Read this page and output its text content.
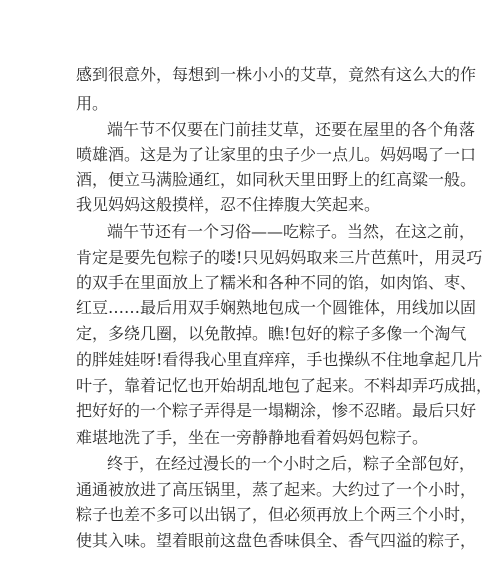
感到很意外，每想到一株小小的艾草，竟然有这么大的作
用。
端午节不仅要在门前挂艾草，还要在屋里的各个角落
喷雄酒。这是为了让家里的虫子少一点儿。妈妈喝了一口
酒，便立马满脸通红，如同秋天里田野上的红高粱一般。
我见妈妈这般摸样，忍不住捧腹大笑起来。
端午节还有一个习俗——吃粽子。当然，在这之前，
肯定是要先包粽子的喽!只见妈妈取来三片芭蕉叶，用灵巧
的双手在里面放上了糯米和各种不同的馅，如肉馅、枣、
红豆……最后用双手娴熟地包成一个圆锥体，用线加以固
定，多绕几圈，以免散掉。瞧!包好的粽子多像一个淘气
的胖娃娃呀!看得我心里直痒痒，手也操纵不住地拿起几片
叶子，靠着记忆也开始胡乱地包了起来。不料却弄巧成拙，
把好好的一个粽子弄得是一塌糊涂，惨不忍睹。最后只好
难堪地洗了手，坐在一旁静静地看着妈妈包粽子。
终于，在经过漫长的一个小时之后，粽子全部包好，
通通被放进了高压锅里，蒸了起来。大约过了一个小时，
粽子也差不多可以出锅了，但必须再放上个两三个小时，
使其入味。望着眼前这盘色香味俱全、香气四溢的粽子，
